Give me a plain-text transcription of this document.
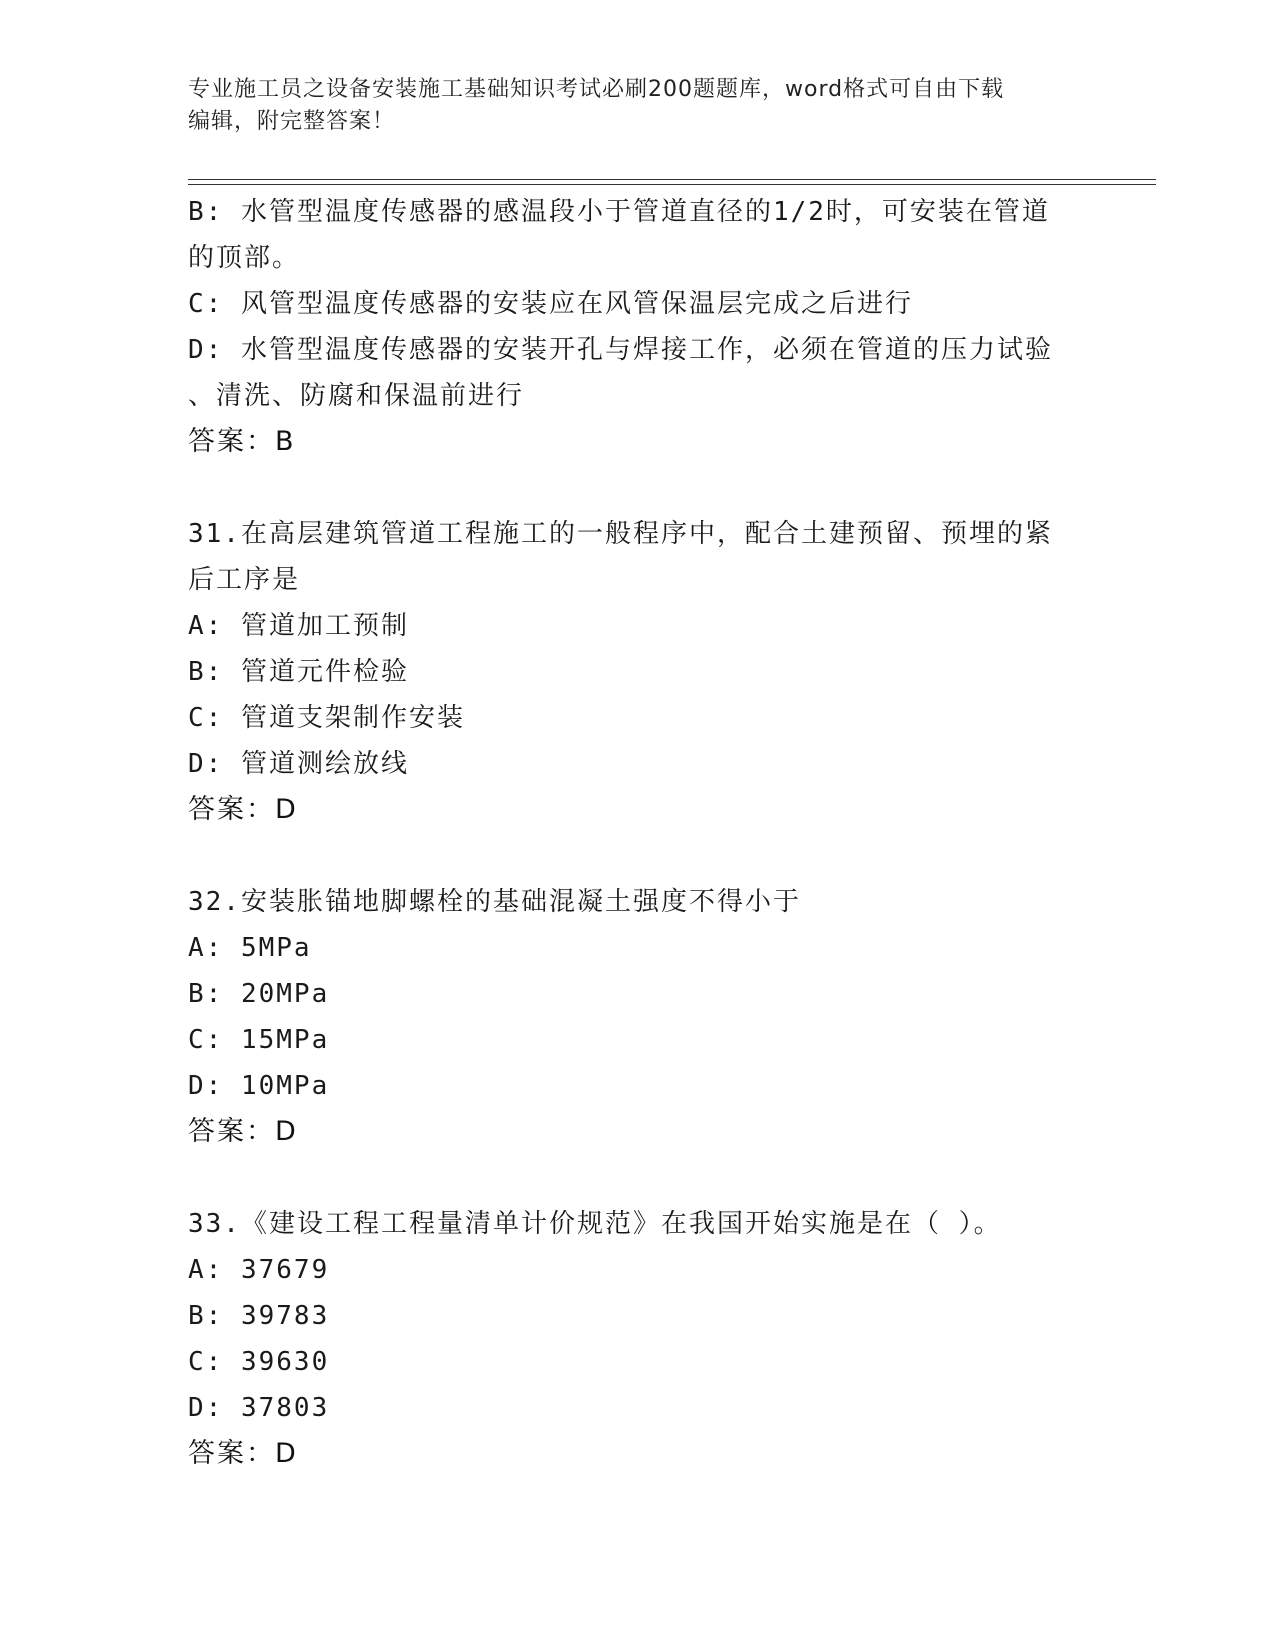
专业施工员之设备安装施工基础知识考试必刷200题题库，word格式可自由下载
编辑，附完整答案！
B: 水管型温度传感器的感温段小于管道直径的1/2时，可安装在管道
的顶部。
C: 风管型温度传感器的安装应在风管保温层完成之后进行
D: 水管型温度传感器的安装开孔与焊接工作，必须在管道的压力试验
、清洗、防腐和保温前进行
答案：B
31.在高层建筑管道工程施工的一般程序中，配合土建预留、预埋的紧
后工序是
A: 管道加工预制
B: 管道元件检验
C: 管道支架制作安装
D: 管道测绘放线
答案：D
32.安装胀锚地脚螺栓的基础混凝土强度不得小于
A: 5MPa
B: 20MPa
C: 15MPa
D: 10MPa
答案：D
33.《建设工程工程量清单计价规范》在我国开始实施是在（ ）。
A: 37679
B: 39783
C: 39630
D: 37803
答案：D
